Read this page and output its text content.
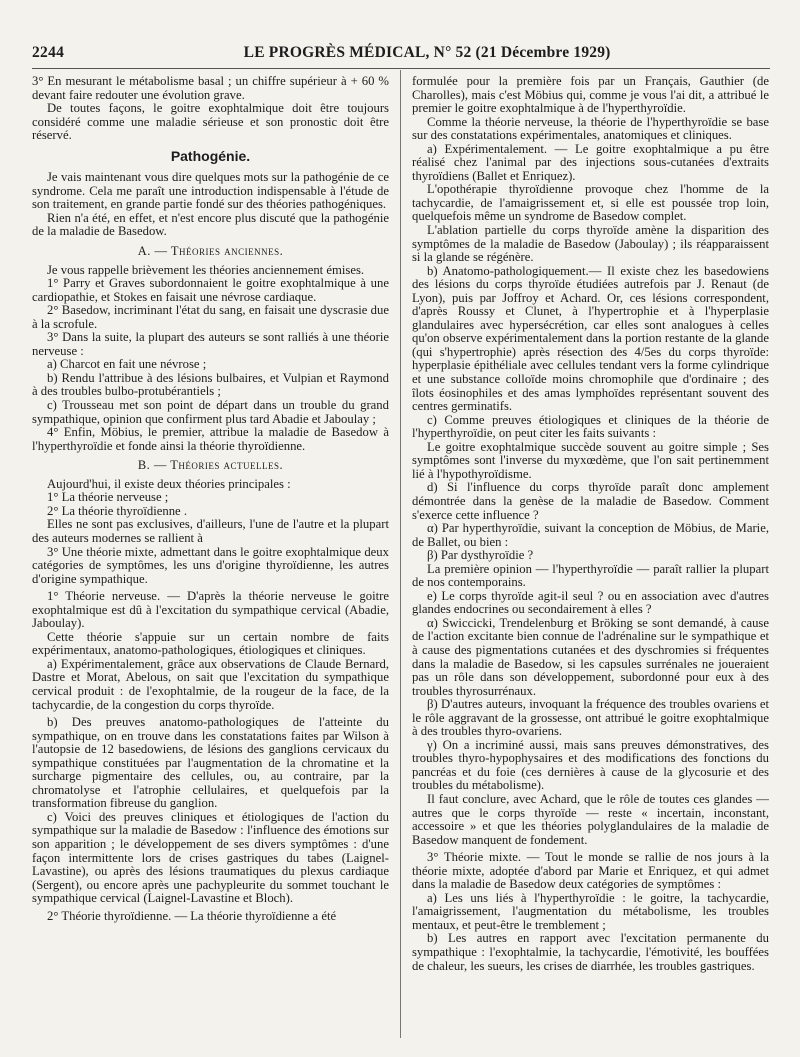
2244	LE PROGRÈS MÉDICAL, N° 52 (21 Décembre 1929)

3° En mesurant le métabolisme basal ; un chiffre supérieur à + 60 % devant faire redouter une évolution grave.

De toutes façons, le goitre exophtalmique doit être toujours considéré comme une maladie sérieuse et son pronostic doit être réservé.

Pathogénie.

Je vais maintenant vous dire quelques mots sur la pathogénie de ce syndrome. Cela me paraît une introduction indispensable à l'étude de son traitement, en grande partie fondé sur des théories pathogéniques.

Rien n'a été, en effet, et n'est encore plus discuté que la pathogénie de la maladie de Basedow.

A. — Théories anciennes.

Je vous rappelle brièvement les théories anciennement émises.

1° Parry et Graves subordonnaient le goitre exophtalmique à une cardiopathie, et Stokes en faisait une névrose cardiaque.

2° Basedow, incriminant l'état du sang, en faisait une dyscrasie due à la scrofule.

3° Dans la suite, la plupart des auteurs se sont ralliés à une théorie nerveuse :

a) Charcot en fait une névrose ;

b) Rendu l'attribue à des lésions bulbaires, et Vulpian et Raymond à des troubles bulbo-protubérantiels ;

c) Trousseau met son point de départ dans un trouble du grand sympathique, opinion que confirment plus tard Abadie et Jaboulay ;

4° Enfin, Möbius, le premier, attribue la maladie de Basedow à l'hyperthyroïdie et fonde ainsi la théorie thyroïdienne.

B. — Théories actuelles.

Aujourd'hui, il existe deux théories principales :

1° La théorie nerveuse ;

2° La théorie thyroïdienne .

Elles ne sont pas exclusives, d'ailleurs, l'une de l'autre et la plupart des auteurs modernes se rallient à

3° Une théorie mixte, admettant dans le goitre exophtalmique deux catégories de symptômes, les uns d'origine thyroïdienne, les autres d'origine sympathique.

1° Théorie nerveuse. — D'après la théorie nerveuse le goitre exophtalmique est dû à l'excitation du sympathique cervical (Abadie, Jaboulay).

Cette théorie s'appuie sur un certain nombre de faits expérimentaux, anatomo-pathologiques, étiologiques et cliniques.

a) Expérimentalement, grâce aux observations de Claude Bernard, Dastre et Morat, Abelous, on sait que l'excitation du sympathique cervical produit : de l'exophtalmie, de la rougeur de la face, de la tachycardie, de la congestion du corps thyroïde.

b) Des preuves anatomo-pathologiques de l'atteinte du sympathique, on en trouve dans les constatations faites par Wilson à l'autopsie de 12 basedowiens, de lésions des ganglions cervicaux du sympathique constituées par l'augmentation de la chromatine et la surcharge pigmentaire des cellules, ou, au contraire, par la chromatolyse et l'atrophie cellulaires, et quelquefois par la transformation fibreuse du ganglion.

c) Voici des preuves cliniques et étiologiques de l'action du sympathique sur la maladie de Basedow : l'influence des émotions sur son apparition ; le développement de ses divers symptômes : d'une façon intermittente lors de crises gastriques du tabes (Laignel-Lavastine), ou après des lésions traumatiques du plexus cardiaque (Sergent), ou encore après une pachypleurite du sommet touchant le sympathique cervical (Laignel-Lavastine et Bloch).

2° Théorie thyroïdienne. — La théorie thyroïdienne a été

formulée pour la première fois par un Français, Gauthier (de Charolles), mais c'est Möbius qui, comme je vous l'ai dit, a attribué le premier le goitre exophtalmique à de l'hyperthyroïdie.

Comme la théorie nerveuse, la théorie de l'hyperthyroïdie se base sur des constatations expérimentales, anatomiques et cliniques.

a) Expérimentalement. — Le goitre exophtalmique a pu être réalisé chez l'animal par des injections sous-cutanées d'extraits thyroïdiens (Ballet et Enriquez).

L'opothérapie thyroïdienne provoque chez l'homme de la tachycardie, de l'amaigrissement et, si elle est poussée trop loin, quelquefois même un syndrome de Basedow complet.

L'ablation partielle du corps thyroïde amène la disparition des symptômes de la maladie de Basedow (Jaboulay) ; ils réapparaissent si la glande se régénère.

b) Anatomo-pathologiquement.— Il existe chez les basedowiens des lésions du corps thyroïde étudiées autrefois par J. Renaut (de Lyon), puis par Joffroy et Achard. Or, ces lésions correspondent, d'après Roussy et Clunet, à l'hypertrophie et à l'hyperplasie glandulaires avec hypersécrétion, car elles sont analogues à celles qu'on observe expérimentalement dans la portion restante de la glande (qui s'hypertrophie) après résection des 4/5es du corps thyroïde: hyperplasie épithéliale avec cellules tendant vers la forme cylindrique et une substance colloïde moins chromophile que d'ordinaire ; des îlots éosinophiles et des amas lymphoïdes représentant souvent des centres germinatifs.

c) Comme preuves étiologiques et cliniques de la théorie de l'hyperthyroïdie, on peut citer les faits suivants :

Le goitre exophtalmique succède souvent au goitre simple ; Ses symptômes sont l'inverse du myxœdème, que l'on sait pertinemment lié à l'hypothyroïdisme.

d) Si l'influence du corps thyroïde paraît donc amplement démontrée dans la genèse de la maladie de Basedow. Comment s'exerce cette influence ?

α) Par hyperthyroïdie, suivant la conception de Möbius, de Marie, de Ballet, ou bien :

β) Par dysthyroïdie ?

La première opinion — l'hyperthyroïdie — paraît rallier la plupart de nos contemporains.

e) Le corps thyroïde agit-il seul ? ou en association avec d'autres glandes endocrines ou secondairement à elles ?

α) Swiccicki, Trendelenburg et Bröking se sont demandé, à cause de l'action excitante bien connue de l'adrénaline sur le sympathique et à cause des pigmentations cutanées et des dyschromies si fréquentes dans la maladie de Basedow, si les capsules surrénales ne joueraient pas un rôle dans son développement, subordonné pour eux à des troubles thyrosurrénaux.

β) D'autres auteurs, invoquant la fréquence des troubles ovariens et le rôle aggravant de la grossesse, ont attribué le goitre exophtalmique à des troubles thyro-ovariens.

γ) On a incriminé aussi, mais sans preuves démonstratives, des troubles thyro-hypophysaires et des modifications des fonctions du pancréas et du foie (ces dernières à cause de la glycosurie et des troubles du métabolisme).

Il faut conclure, avec Achard, que le rôle de toutes ces glandes — autres que le corps thyroïde — reste « incertain, inconstant, accessoire » et que les théories polyglandulaires de la maladie de Basedow manquent de fondement.

3° Théorie mixte. — Tout le monde se rallie de nos jours à la théorie mixte, adoptée d'abord par Marie et Enriquez, et qui admet dans la maladie de Basedow deux catégories de symptômes :

a) Les uns liés à l'hyperthyroïdie : le goitre, la tachycardie, l'amaigrissement, l'augmentation du métabolisme, les troubles mentaux, et peut-être le tremblement ;

b) Les autres en rapport avec l'excitation permanente du sympathique : l'exophtalmie, la tachycardie, l'émotivité, les bouffées de chaleur, les sueurs, les crises de diarrhée, les troubles gastriques.
